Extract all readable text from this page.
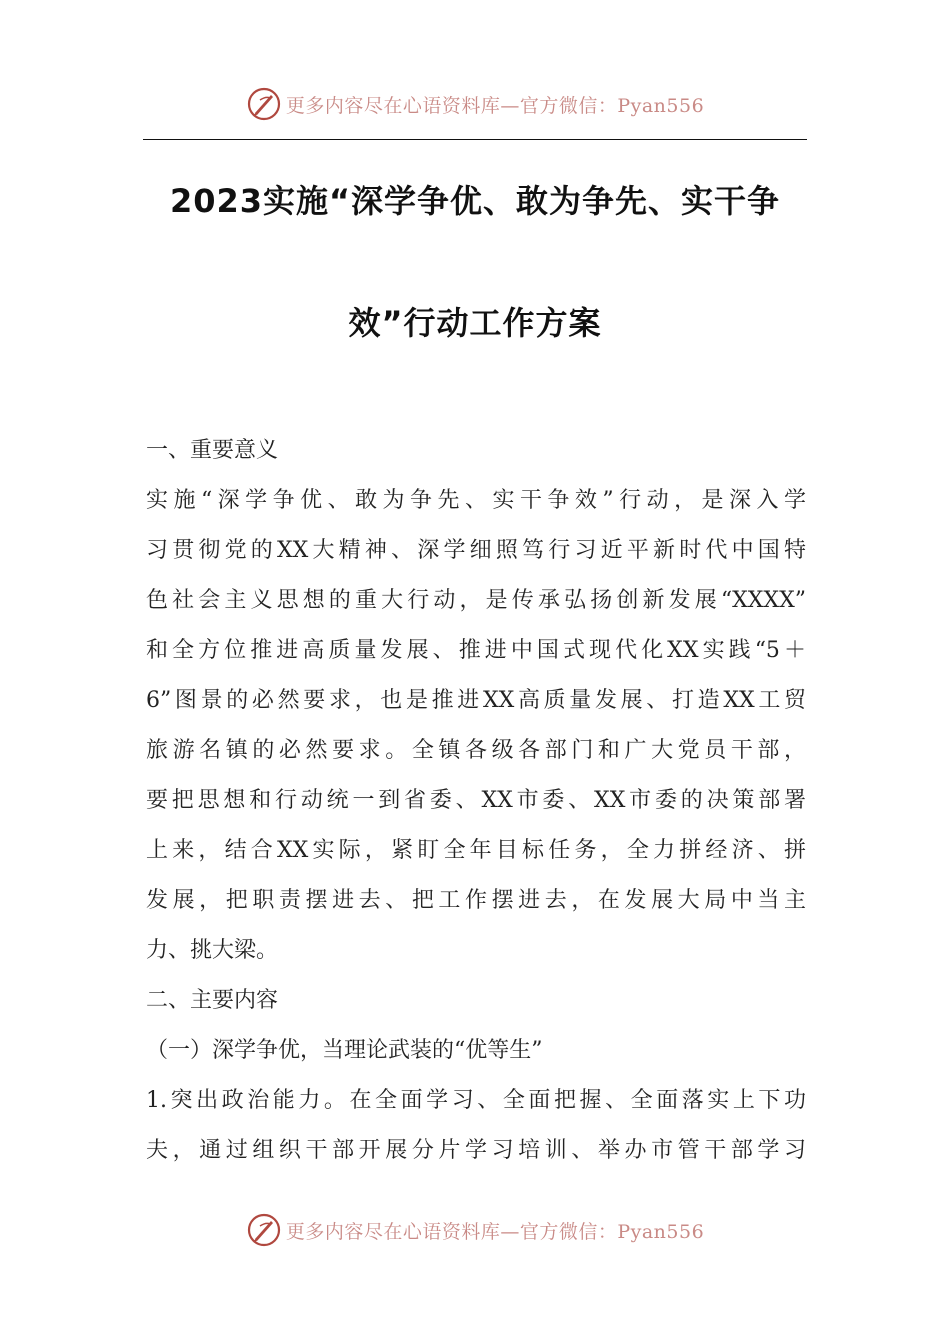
更多内容尽在心语资料库—官方微信：Pyan556
2023实施“深学争优、敢为争先、实干争
效”行动工作方案
一、重要意义
实施“深学争优、敢为争先、实干争效”行动，是深入学
习贯彻党的XX大精神、深学细照笃行习近平新时代中国特
色社会主义思想的重大行动，是传承弘扬创新发展“XXXX”
和全方位推进高质量发展、推进中国式现代化XX实践“5＋
6”图景的必然要求，也是推进XX高质量发展、打造XX工贸
旅游名镇的必然要求。全镇各级各部门和广大党员干部，
要把思想和行动统一到省委、XX市委、XX市委的决策部署
上来，结合XX实际，紧盯全年目标任务，全力拼经济、拼
发展，把职责摆进去、把工作摆进去，在发展大局中当主
力、挑大梁。
二、主要内容
（一）深学争优，当理论武装的“优等生”
1.突出政治能力。在全面学习、全面把握、全面落实上下功
夫，通过组织干部开展分片学习培训、举办市管干部学习
更多内容尽在心语资料库—官方微信：Pyan556
